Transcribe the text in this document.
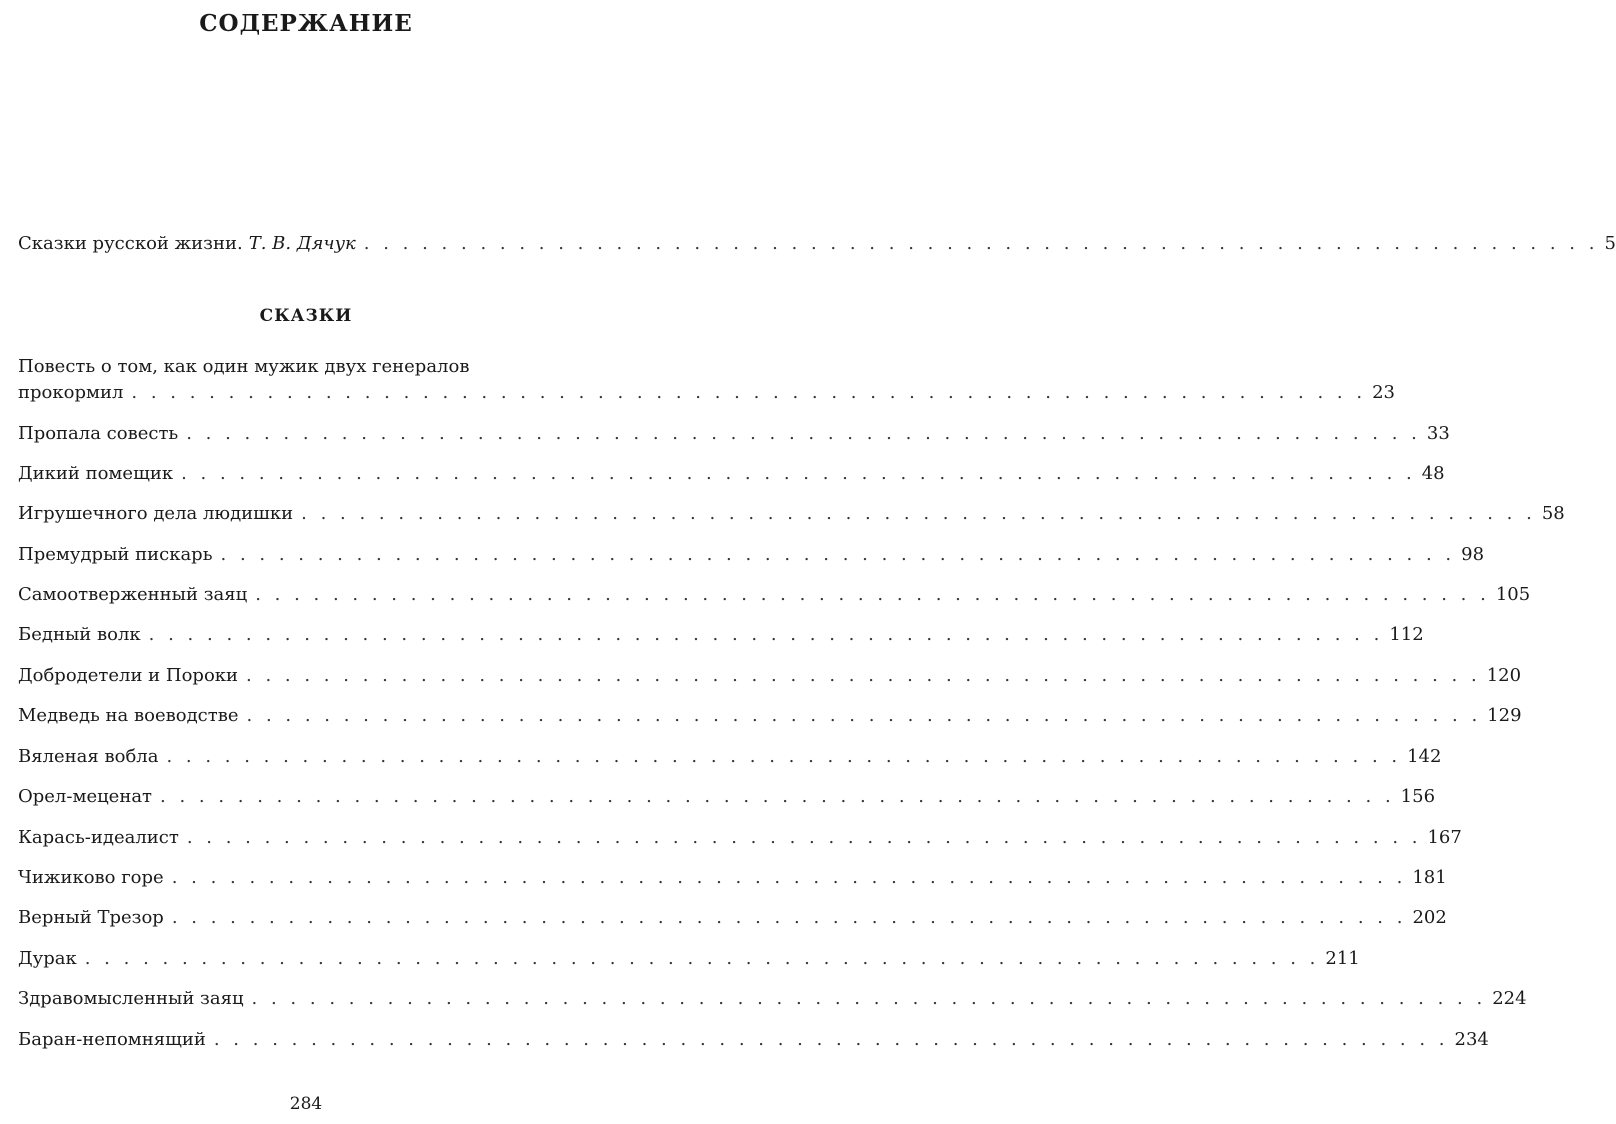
СОДЕРЖАНИЕ
Сказки русской жизни. Т. В. Дячук . . . . . . . . . . . . . . . . . . . . . . . . . . . . . . . . . . . . . . . . . . . . . . . . . . . . . . . . . . . . . . . . 5
СКАЗКИ
Повесть о том, как один мужик двух генералов
прокормил . . . . . . . . . . . . . . . . . . . . . . . . . . . . . . . . . . . . . . . . . . . . . . . . . . . . . . . . . . . . . . . . 23
Пропала совесть . . . . . . . . . . . . . . . . . . . . . . . . . . . . . . . . . . . . . . . . . . . . . . . . . . . . . . . . . . . . . . . . 33
Дикий помещик . . . . . . . . . . . . . . . . . . . . . . . . . . . . . . . . . . . . . . . . . . . . . . . . . . . . . . . . . . . . . . . . 48
Игрушечного дела людишки . . . . . . . . . . . . . . . . . . . . . . . . . . . . . . . . . . . . . . . . . . . . . . . . . . . . . . . . . . . . . . . . 58
Премудрый пискарь . . . . . . . . . . . . . . . . . . . . . . . . . . . . . . . . . . . . . . . . . . . . . . . . . . . . . . . . . . . . . . . . 98
Самоотверженный заяц . . . . . . . . . . . . . . . . . . . . . . . . . . . . . . . . . . . . . . . . . . . . . . . . . . . . . . . . . . . . . . . . 105
Бедный волк . . . . . . . . . . . . . . . . . . . . . . . . . . . . . . . . . . . . . . . . . . . . . . . . . . . . . . . . . . . . . . . . 112
Добродетели и Пороки . . . . . . . . . . . . . . . . . . . . . . . . . . . . . . . . . . . . . . . . . . . . . . . . . . . . . . . . . . . . . . . . 120
Медведь на воеводстве . . . . . . . . . . . . . . . . . . . . . . . . . . . . . . . . . . . . . . . . . . . . . . . . . . . . . . . . . . . . . . . . 129
Вяленая вобла . . . . . . . . . . . . . . . . . . . . . . . . . . . . . . . . . . . . . . . . . . . . . . . . . . . . . . . . . . . . . . . . 142
Орел-меценат . . . . . . . . . . . . . . . . . . . . . . . . . . . . . . . . . . . . . . . . . . . . . . . . . . . . . . . . . . . . . . . . 156
Карась-идеалист . . . . . . . . . . . . . . . . . . . . . . . . . . . . . . . . . . . . . . . . . . . . . . . . . . . . . . . . . . . . . . . . 167
Чижиково горе . . . . . . . . . . . . . . . . . . . . . . . . . . . . . . . . . . . . . . . . . . . . . . . . . . . . . . . . . . . . . . . . 181
Верный Трезор . . . . . . . . . . . . . . . . . . . . . . . . . . . . . . . . . . . . . . . . . . . . . . . . . . . . . . . . . . . . . . . . 202
Дурак . . . . . . . . . . . . . . . . . . . . . . . . . . . . . . . . . . . . . . . . . . . . . . . . . . . . . . . . . . . . . . . . 211
Здравомысленный заяц . . . . . . . . . . . . . . . . . . . . . . . . . . . . . . . . . . . . . . . . . . . . . . . . . . . . . . . . . . . . . . . . 224
Баран-непомнящий . . . . . . . . . . . . . . . . . . . . . . . . . . . . . . . . . . . . . . . . . . . . . . . . . . . . . . . . . . . . . . . . 234
284
